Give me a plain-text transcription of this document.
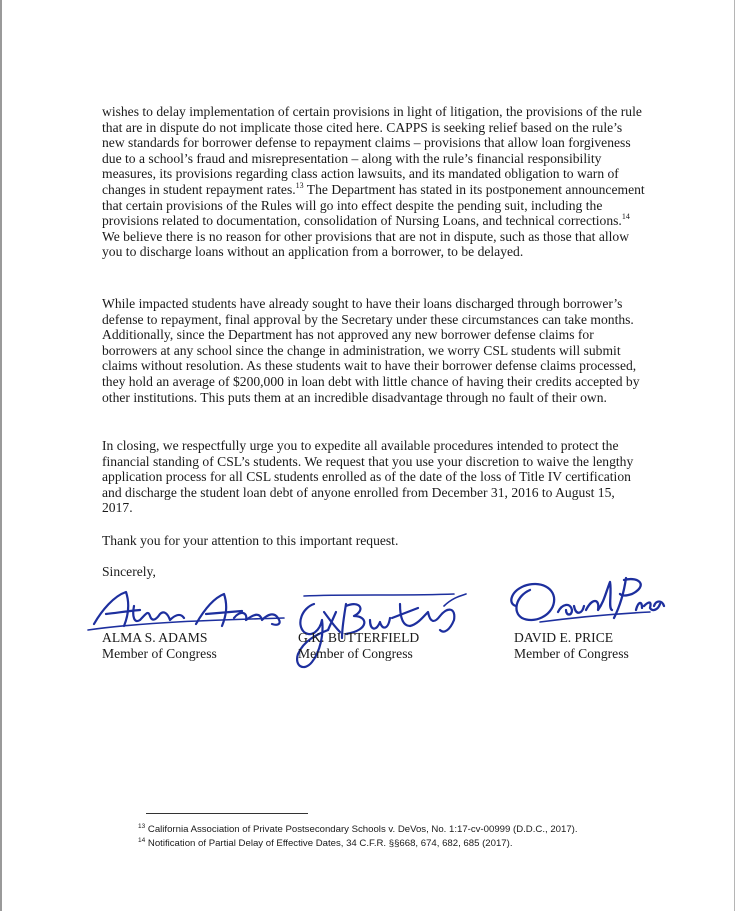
wishes to delay implementation of certain provisions in light of litigation, the provisions of the rule that are in dispute do not implicate those cited here. CAPPS is seeking relief based on the rule’s new standards for borrower defense to repayment claims – provisions that allow loan forgiveness due to a school’s fraud and misrepresentation – along with the rule’s financial responsibility measures, its provisions regarding class action lawsuits, and its mandated obligation to warn of changes in student repayment rates.$^{13}$ The Department has stated in its postponement announcement that certain provisions of the Rules will go into effect despite the pending suit, including the provisions related to documentation, consolidation of Nursing Loans, and technical corrections.$^{14}$ We believe there is no reason for other provisions that are not in dispute, such as those that allow you to discharge loans without an application from a borrower, to be delayed.

While impacted students have already sought to have their loans discharged through borrower’s defense to repayment, final approval by the Secretary under these circumstances can take months. Additionally, since the Department has not approved any new borrower defense claims for borrowers at any school since the change in administration, we worry CSL students will submit claims without resolution. As these students wait to have their borrower defense claims processed, they hold an average of $200,000 in loan debt with little chance of having their credits accepted by other institutions. This puts them at an incredible disadvantage through no fault of their own.

In closing, we respectfully urge you to expedite all available procedures intended to protect the financial standing of CSL’s students. We request that you use your discretion to waive the lengthy application process for all CSL students enrolled as of the date of the loss of Title IV certification and discharge the student loan debt of anyone enrolled from December 31, 2016 to August 15, 2017.

Thank you for your attention to this important request.

Sincerely,

ALMA S. ADAMS
Member of Congress
G.K. BUTTERFIELD
Member of Congress
DAVID E. PRICE
Member of Congress
$^{13}$ California Association of Private Postsecondary Schools v. DeVos, No. 1:17-cv-00999 (D.D.C., 2017).
$^{14}$ Notification of Partial Delay of Effective Dates, 34 C.F.R. §§668, 674, 682, 685 (2017).
